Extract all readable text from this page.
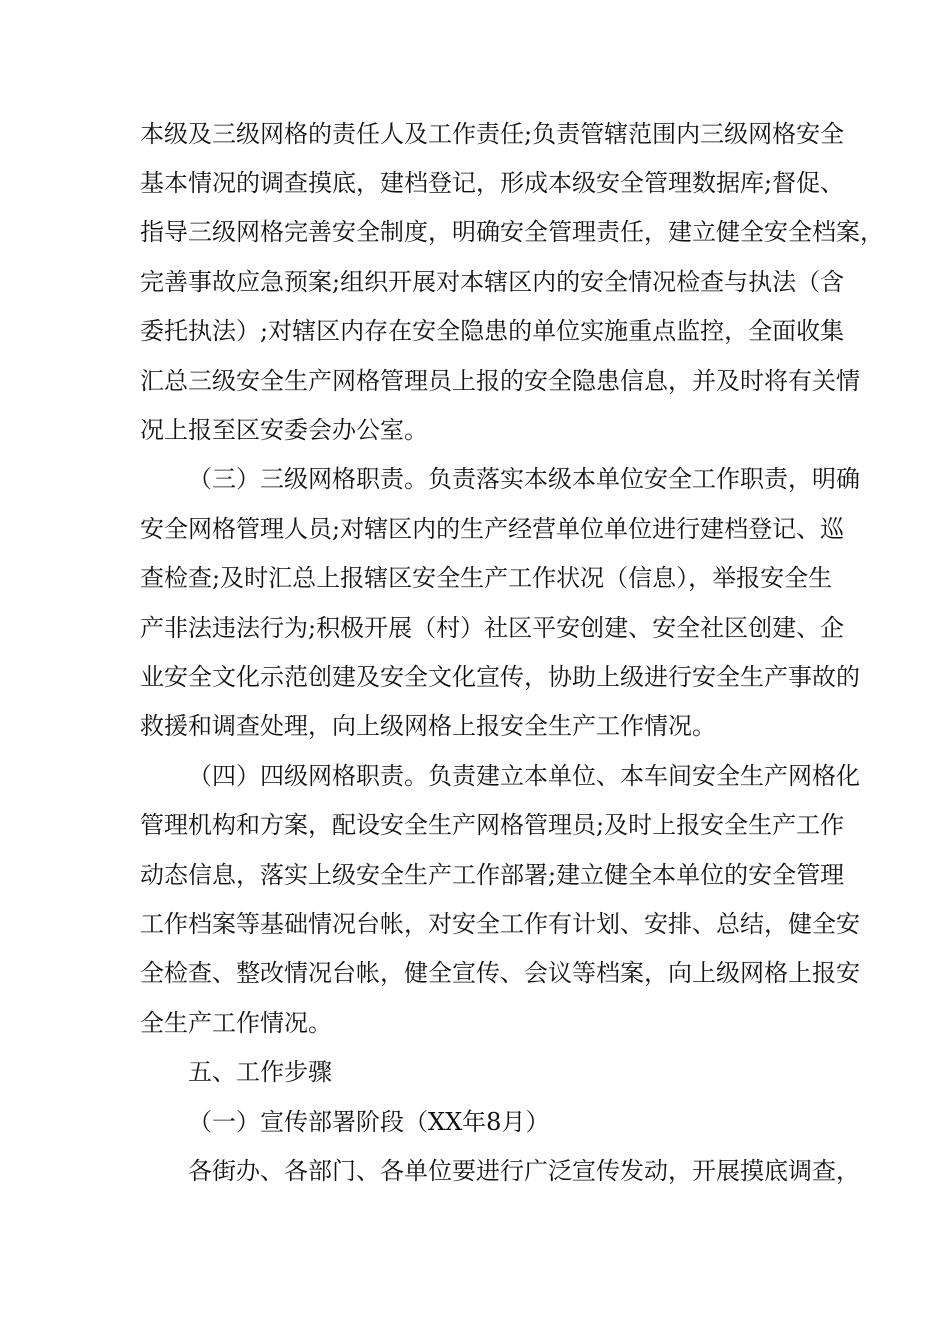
本级及三级网格的责任人及工作责任;负责管辖范围内三级网格安全
基本情况的调查摸底，建档登记，形成本级安全管理数据库;督促、
指导三级网格完善安全制度，明确安全管理责任，建立健全安全档案，
完善事故应急预案;组织开展对本辖区内的安全情况检查与执法（含
委托执法）;对辖区内存在安全隐患的单位实施重点监控，全面收集
汇总三级安全生产网格管理员上报的安全隐患信息，并及时将有关情
况上报至区安委会办公室。
（三）三级网格职责。负责落实本级本单位安全工作职责，明确
安全网格管理人员;对辖区内的生产经营单位单位进行建档登记、巡
查检查;及时汇总上报辖区安全生产工作状况（信息），举报安全生
产非法违法行为;积极开展（村）社区平安创建、安全社区创建、企
业安全文化示范创建及安全文化宣传，协助上级进行安全生产事故的
救援和调查处理，向上级网格上报安全生产工作情况。
（四）四级网格职责。负责建立本单位、本车间安全生产网格化
管理机构和方案，配设安全生产网格管理员;及时上报安全生产工作
动态信息，落实上级安全生产工作部署;建立健全本单位的安全管理
工作档案等基础情况台帐，对安全工作有计划、安排、总结，健全安
全检查、整改情况台帐，健全宣传、会议等档案，向上级网格上报安
全生产工作情况。
五、工作步骤
（一）宣传部署阶段（XX年8月）
各街办、各部门、各单位要进行广泛宣传发动，开展摸底调查，
